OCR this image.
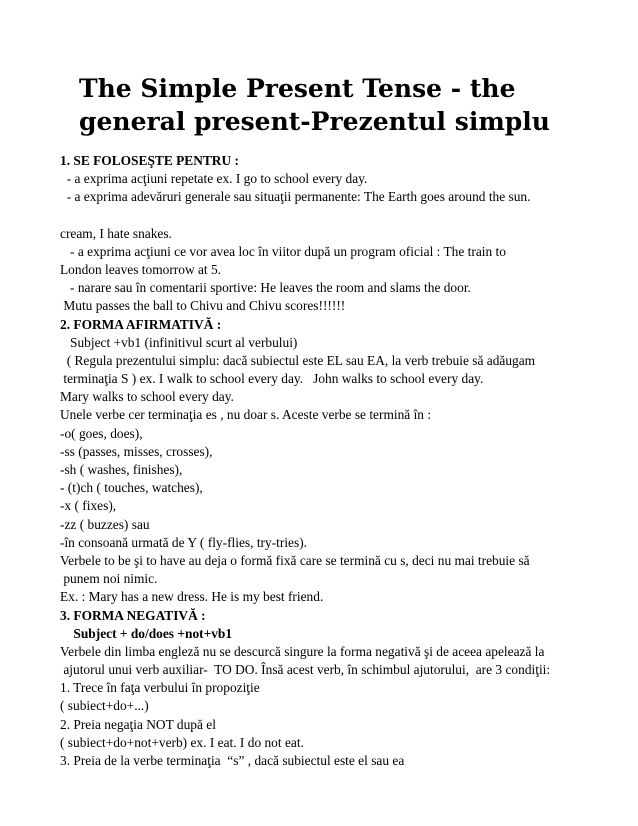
The Simple Present Tense - the
general present-Prezentul simplu
1. SE FOLOSEŞTE PENTRU :
- a exprima acţiuni repetate ex. I go to school every day.
- a exprima adevăruri generale sau situaţii permanente: The Earth goes around the sun.
cream, I hate snakes.
- a exprima acţiuni ce vor avea loc în viitor după un program oficial : The train to
London leaves tomorrow at 5.
- narare sau în comentarii sportive: He leaves the room and slams the door.
Mutu passes the ball to Chivu and Chivu scores!!!!!!
2. FORMA AFIRMATIVĂ :
Subject +vb1 (infinitivul scurt al verbului)
( Regula prezentului simplu: dacă subiectul este EL sau EA, la verb trebuie să adăugam
terminaţia S ) ex. I walk to school every day.   John walks to school every day.
Mary walks to school every day.
Unele verbe cer terminaţia es , nu doar s. Aceste verbe se termină în :
-o( goes, does),
-ss (passes, misses, crosses),
-sh ( washes, finishes),
- (t)ch ( touches, watches),
-x ( fixes),
-zz ( buzzes) sau
-în consoană urmată de Y ( fly-flies, try-tries).
Verbele to be şi to have au deja o formă fixă care se termină cu s, deci nu mai trebuie să
punem noi nimic.
Ex. : Mary has a new dress. He is my best friend.
3. FORMA NEGATIVĂ :
Subject + do/does +not+vb1
Verbele din limba engleză nu se descurcă singure la forma negativă şi de aceea apelează la
ajutorul unui verb auxiliar-  TO DO. Însă acest verb, în schimbul ajutorului,  are 3 condiţii:
1. Trece în faţa verbului în propoziţie
( subiect+do+...)
2. Preia negaţia NOT după el
( subiect+do+not+verb) ex. I eat. I do not eat.
3. Preia de la verbe terminaţia  “s” , dacă subiectul este el sau ea
